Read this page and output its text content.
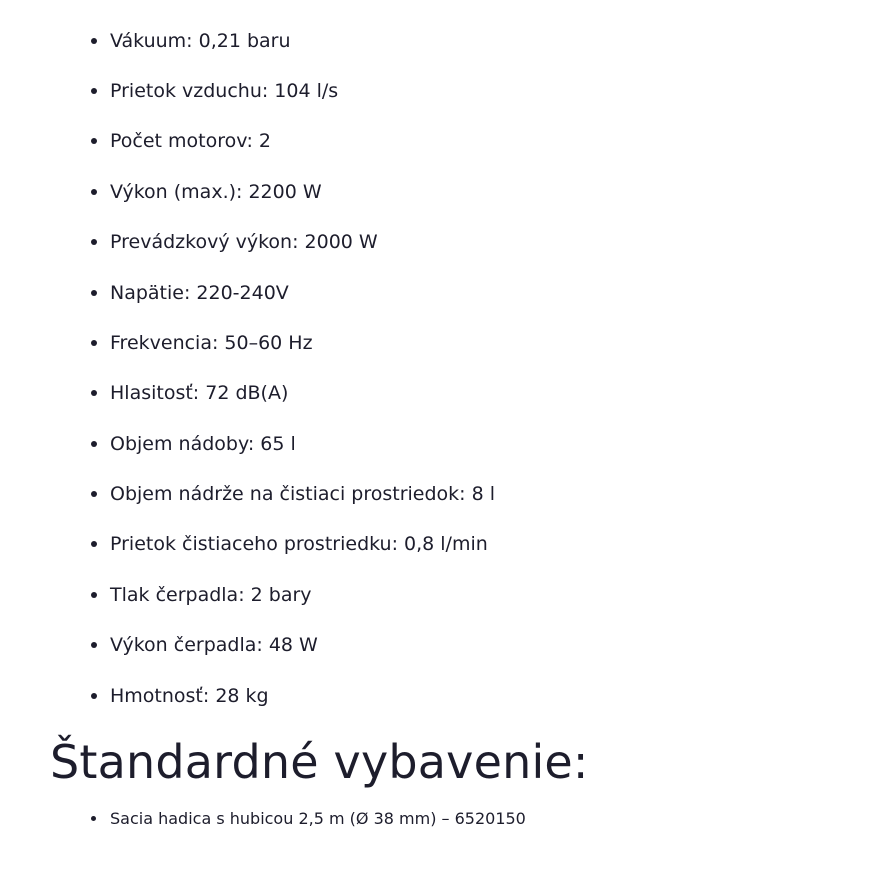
Vákuum: 0,21 baru
Prietok vzduchu: 104 l/s
Počet motorov: 2
Výkon (max.): 2200 W
Prevádzkový výkon: 2000 W
Napätie: 220-240V
Frekvencia: 50–60 Hz
Hlasitosť: 72 dB(A)
Objem nádoby: 65 l
Objem nádrže na čistiaci prostriedok: 8 l
Prietok čistiaceho prostriedku: 0,8 l/min
Tlak čerpadla: 2 bary
Výkon čerpadla: 48 W
Hmotnosť: 28 kg
Štandardné vybavenie:
Sacia hadica s hubicou 2,5 m (Ø 38 mm) – 6520150
